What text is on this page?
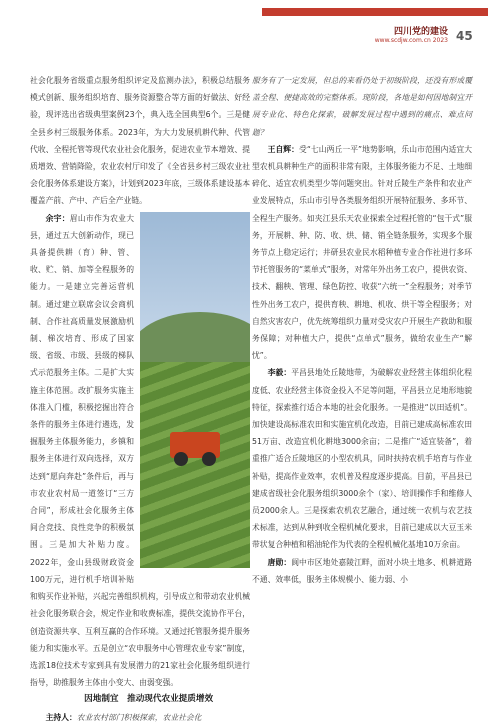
四川党的建设
www.scdjw.com.cn 2023 45

社会化服务省级重点服务组织评定及监测办法》，积极总结服务模式创新、服务组织培育、服务资源整合等方面的好做法、好经验，现评选出省级典型案例23个，典入选全国典型6个。三是健全县乡村三级服务体系。2023年，为大力发展机耕代种、代管代收、全程托管等现代农业社会化服务，促进农业节本增效、提质增效、营销降险，农业农村厅印发了《全省县乡村三级农业社会化服务体系建设方案》，计划到2023年底，三级体系建设基本覆盖产前、产中、产后全产业链。

余宇：
眉山市作为农业大县，通过五大创新动作，现已具备提供耕（育）种、管、收、贮、销、加等全程服务的能力。一是建立完善运营机制。通过建立联席会议会商机制、合作社高质量发展激励机制、梯次培育、形成了国家级、省级、市级、县级的梯队式示范服务主体。二是扩大实施主体范围。改扩服务实施主体准入门槛，积极挖掘出符合条件的服务主体进行遴选，发掘服务主体服务能力，乡镇和服务主体进行双向选择，双方达到“愿向奔赴”条件后，再与市农业农村局一道签订“三方合同”，形成社会化服务主体间合竞技、良性竞争的积极氛围。三是加大补贴力度。2022年，金山县级财政资金100万元，进行机手培训补贴和购买作业补贴，兴起完善组织机构，引导成立和带动农业机械社会化服务联合会，规定作业和收费标准，提供交流协作平台，创造资源共享、互利互赢的合作环境。又通过托管服务提升服务能力和实施水平。五是创立“农申服务中心管理农业专家”制度，选派18位技术专家到具有发展潜力的21家社会化服务组织进行指导，助推服务主体由小变大、由弱变强。

因地制宜　推动现代农业提质增效

主持人：农业农村部门积极探索，农业社会化

服务有了一定发展，但总的来看仍处于初级阶段，还没有形成覆盖全程、便捷高效的完整体系。现阶段，各地是如何因地制宜开展专业化、特色化探索，破解发展过程中遇到的痛点、难点问题？

王自辉：受“七山两丘一平”地势影响，乐山市范围内适宜大型农机具耕种生产的面积非常有限，主体服务能力不足、土地细碎化、适宜农机类型少等问题突出。针对丘陵生产条件和农业产业发展特点，乐山市引导各类服务组织开展特征服务、多环节、全程生产服务。如夹江县乐天农业探索全过程托管的“包干式”服务，开展耕、种、防、收、烘、储、销全链条服务，实现多个服务节点上稳定运行；井研县农业民水稻种植专业合作社进行多环节托管服务的“菜单式”服务，对常年外出务工农户，提供农资、技术、翻秧、管理、绿色防控、收获“六统一”全程服务；对季节性外出务工农户，提供育秧、耕地、机收、烘干等全程服务；对自然灾害农户，优先统筹组织力量对受灾农户开展生产救助和服务保障；对种植大户，提供“点单式”服务，做给农业生产“解忧”。

李毅：平昌县地处丘陵地带，为破解农业经营主体组织化程度低、农业经营主体资金投入不足等问题，平昌县立足地形地貌特征，探索推行适合本地的社会化服务。一是推进“以田适机”。加快建设高标准农田和实施宜机化改造，目前已建成高标准农田51万亩、改造宜机化耕地3000余亩；二是推广“适宜装备”，着重推广适合丘陵地区的小型农机具，同时扶持农机手培育与作业补贴，提高作业效率，农机普及程度逐步提高。目前，平昌县已建成省级社会化服务组织3000余个（家）、培训操作手和维修人员2000余人。三是探索农机农艺融合，通过统一农机与农艺技术标准，达到从种到收全程机械化要求，目前已建成以大豆玉米带状复合种植和稻油轮作为代表的全程机械化基地10万余亩。

唐勋：阆中市区地处嘉陵江畔，面对小块土地多、机耕道路不通、效率低，服务主体规模小、能力弱、小
